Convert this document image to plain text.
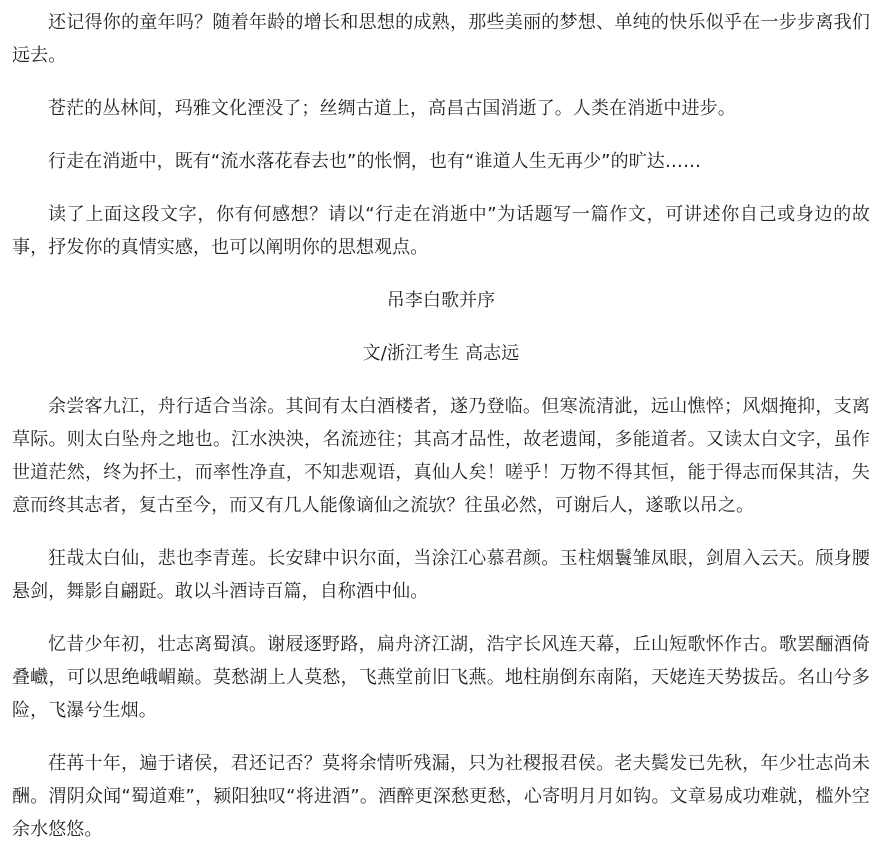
还记得你的童年吗？随着年龄的增长和思想的成熟，那些美丽的梦想、单纯的快乐似乎在一步步离我们远去。

苍茫的丛林间，玛雅文化湮没了；丝绸古道上，高昌古国消逝了。人类在消逝中进步。

行走在消逝中，既有“流水落花春去也”的怅惘，也有“谁道人生无再少”的旷达……

读了上面这段文字，你有何感想？请以“行走在消逝中”为话题写一篇作文，可讲述你自己或身边的故事，抒发你的真情实感，也可以阐明你的思想观点。

吊李白歌并序

文/浙江考生 高志远

余尝客九江，舟行适合当涂。其间有太白酒楼者，遂乃登临。但寒流清泚，远山憔悴；风烟掩抑，支离草际。则太白坠舟之地也。江水泱泱，名流迹往；其高才品性，故老遗闻，多能道者。又读太白文字，虽作世道茫然，终为抔土，而率性净直，不知悲观语，真仙人矣！嗟乎！万物不得其恒，能于得志而保其洁，失意而终其志者，复古至今，而又有几人能像谪仙之流欤？往虽必然，可谢后人，遂歌以吊之。

狂哉太白仙，悲也李青莲。长安肆中识尔面，当涂江心慕君颜。玉柱烟鬟雏凤眼，剑眉入云天。颀身腰悬剑，舞影自翩跹。敢以斗酒诗百篇，自称酒中仙。

忆昔少年初，壮志离蜀滇。谢屐逐野路，扁舟济江湖，浩宇长风连天幕，丘山短歌怀作古。歌罢酾酒倚叠巇，可以思绝峨嵋巅。莫愁湖上人莫愁，飞燕堂前旧飞燕。地柱崩倒东南陷，天姥连天势拔岳。名山兮多险，飞瀑兮生烟。

荏苒十年，遍于诸侯，君还记否？莫将余情听残漏，只为社稷报君侯。老夫鬓发已先秋，年少壮志尚未酬。渭阴众闻“蜀道难”，颍阳独叹“将进酒”。酒醉更深愁更愁，心寄明月月如钩。文章易成功难就，槛外空余水悠悠。
